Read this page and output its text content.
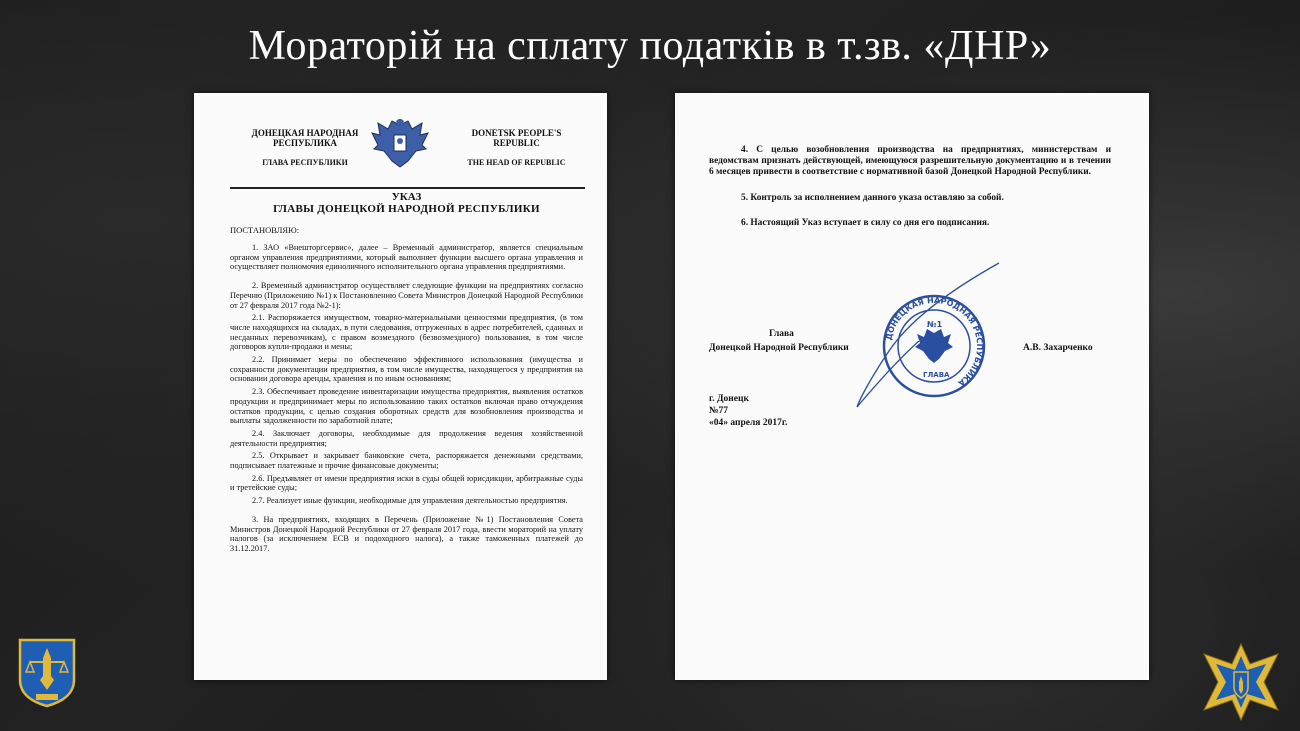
Мораторій на сплату податків в т.зв. «ДНР»
ДОНЕЦКАЯ НАРОДНАЯ
РЕСПУБЛИКА
ГЛАВА РЕСПУБЛИКИ
DONETSK PEOPLE'S
REPUBLIC
THE HEAD OF REPUBLIC
УКАЗ
ГЛАВЫ ДОНЕЦКОЙ НАРОДНОЙ РЕСПУБЛИКИ
ПОСТАНОВЛЯЮ:

1. ЗАО «Внешторгсервис», далее – Временный администратор, является специальным органом управления предприятиями, который выполняет функции высшего органа управления и осуществляет полномочия единоличного исполнительного органа управления предприятиями.

2. Временный администратор осуществляет следующие функции на предприятиях согласно Перечню (Приложению №1) к Постановлению Совета Министров Донецкой Народной Республики от 27 февраля 2017 года №2-1):

2.1. Распоряжается имуществом, товарно-материальными ценностями предприятия, (в том числе находящихся на складах, в пути следования, отгруженных в адрес потребителей, сданных и несданных перевозчикам), с правом возмездного (безвозмездного) пользования, в том числе договоров купли-продажи и мены;

2.2. Принимает меры по обеспечению эффективного использования (имущества и сохранности документации предприятия, в том числе имущества, находящегося у предприятия на основании договора аренды, хранения и по иным основаниям;

2.3. Обеспечивает проведение инвентаризации имущества предприятия, выявления остатков продукции и предпринимает меры по использованию таких остатков включая право отчуждения остатков продукции, с целью создания оборотных средств для возобновления производства и выплаты задолженности по заработной плате;

2.4. Заключает договоры, необходимые для продолжения ведения хозяйственной деятельности предприятия;

2.5. Открывает и закрывает банковские счета, распоряжается денежными средствами, подписывает платежные и прочие финансовые документы;

2.6. Предъявляет от имени предприятия иски в суды общей юрисдикции, арбитражные суды и третейские суды;

2.7. Реализует иные функции, необходимые для управления деятельностью предприятия.

3. На предприятиях, входящих в Перечень (Приложение №1) Постановления Совета Министров Донецкой Народной Республики от 27 февраля 2017 года, ввести мораторий на уплату налогов (за исключением ЕСВ и подоходного налога), а также таможенных платежей до 31.12.2017.

4. С целью возобновления производства на предприятиях, министерствам и ведомствам признать действующей, имеющуюся разрешительную документацию и в течении 6 месяцев привести в соответствие с нормативной базой Донецкой Народной Республики.

5. Контроль за исполнением данного указа оставляю за собой.

6. Настоящий Указ вступает в силу со дня его подписания.

ДОНЕЦКАЯ НАРОДНАЯ РЕСПУБЛИКА
№1
ГЛАВА
Глава
Донецкой Народной Республики	А.В. Захарченко
г. Донецк
№77
«04» апреля 2017г.
